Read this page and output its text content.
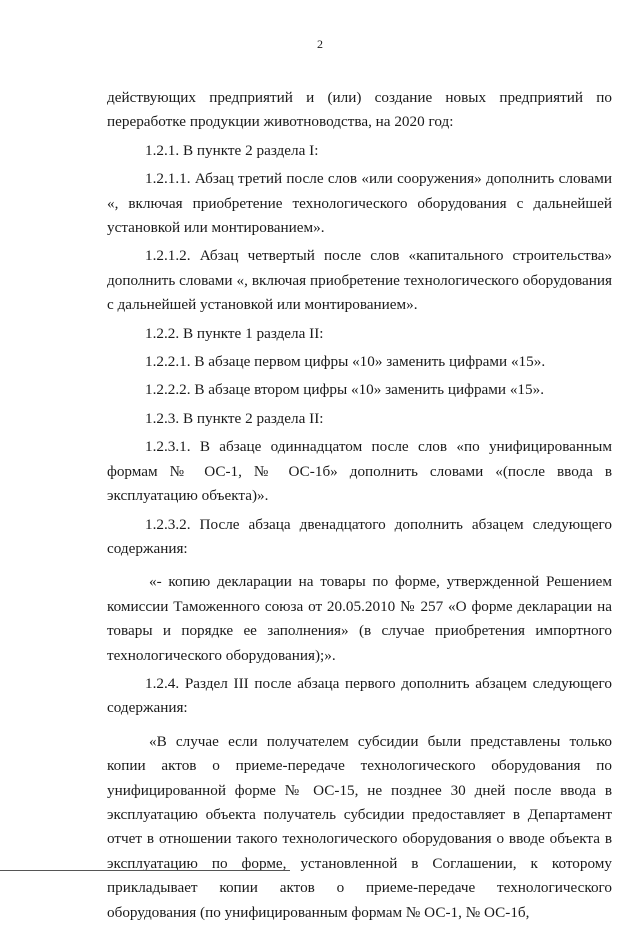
2

действующих предприятий и (или) создание новых предприятий по переработке продукции животноводства, на 2020 год:

1.2.1. В пункте 2 раздела I:

1.2.1.1. Абзац третий после слов «или сооружения» дополнить словами «, включая приобретение технологического оборудования с дальнейшей установкой или монтированием».

1.2.1.2. Абзац четвертый после слов «капитального строительства» дополнить словами «, включая приобретение технологического оборудования с дальнейшей установкой или монтированием».

1.2.2. В пункте 1 раздела II:

1.2.2.1. В абзаце первом цифры «10» заменить цифрами «15».

1.2.2.2. В абзаце втором цифры «10» заменить цифрами «15».

1.2.3. В пункте 2 раздела II:

1.2.3.1. В абзаце одиннадцатом после слов «по унифицированным формам № ОС-1, № ОС-1б» дополнить словами «(после ввода в эксплуатацию объекта)».

1.2.3.2. После абзаца двенадцатого дополнить абзацем следующего содержания:

«- копию декларации на товары по форме, утвержденной Решением комиссии Таможенного союза от 20.05.2010 № 257 «О форме декларации на товары и порядке ее заполнения» (в случае приобретения импортного технологического оборудования);».

1.2.4. Раздел III после абзаца первого дополнить абзацем следующего содержания:

«В случае если получателем субсидии были представлены только копии актов о приеме-передаче технологического оборудования по унифицированной форме № ОС-15, не позднее 30 дней после ввода в эксплуатацию объекта получатель субсидии предоставляет в Департамент отчет в отношении такого технологического оборудования о вводе объекта в эксплуатацию по форме, установленной в Соглашении, к которому прикладывает копии актов о приеме-передаче технологического оборудования (по унифицированным формам № ОС-1, № ОС-1б,
